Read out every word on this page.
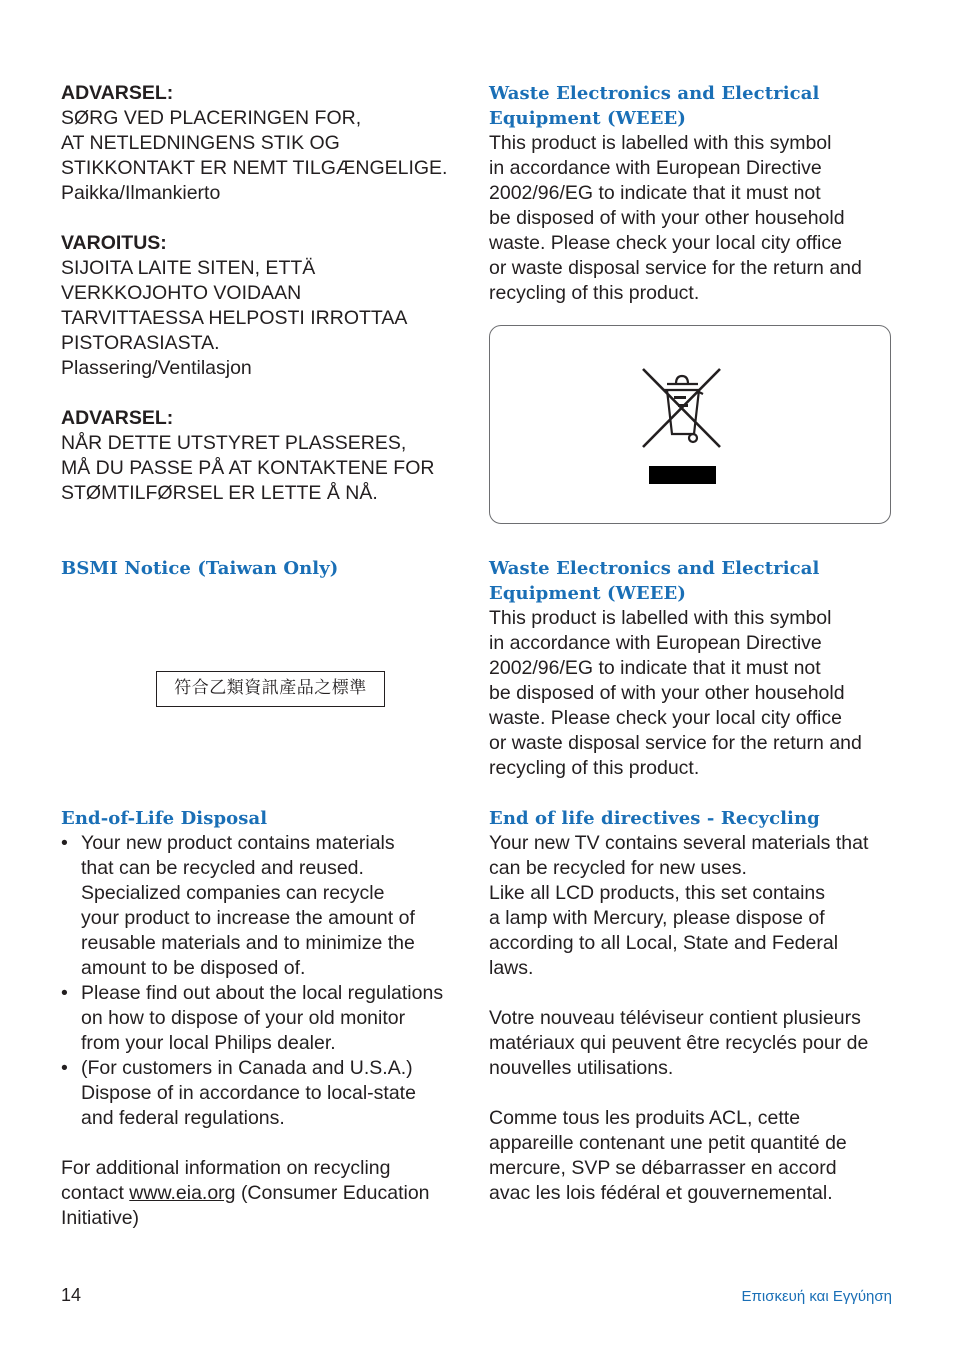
ADVARSEL:
SØRG VED PLACERINGEN FOR,
AT NETLEDNINGENS STIK OG
STIKKONTAKT ER NEMT TILGÆNGELIGE.
Paikka/Ilmankierto
VAROITUS:
SIJOITA LAITE SITEN, ETTÄ
VERKKOJOHTO VOIDAAN
TARVITTAESSA HELPOSTI IRROTTAA
PISTORASIASTA.
Plassering/Ventilasjon
ADVARSEL:
NÅR DETTE UTSTYRET PLASSERES,
MÅ DU PASSE PÅ AT KONTAKTENE FOR
STØMTILFØRSEL ER LETTE Å NÅ.
BSMI Notice (Taiwan Only)
符合乙類資訊產品之標準
End-of-Life Disposal
• Your new product contains materials
that can be recycled and reused.
Specialized companies can recycle
your product to increase the amount of
reusable materials and to minimize the
amount to be disposed of.
• Please find out about the local regulations
on how to dispose of your old monitor
from your local Philips dealer.
• (For customers in Canada and U.S.A.)
Dispose of in accordance to local-state
and federal regulations.
For additional information on recycling
contact www.eia.org (Consumer Education
Initiative)
Waste Electronics and Electrical
Equipment (WEEE)
This product is labelled with this symbol
in accordance with European Directive
2002/96/EG to indicate that it must not
be disposed of with your other household
waste. Please check your local city office
or waste disposal service for the return and
recycling of this product.
Waste Electronics and Electrical
Equipment (WEEE)
This product is labelled with this symbol
in accordance with European Directive
2002/96/EG to indicate that it must not
be disposed of with your other household
waste. Please check your local city office
or waste disposal service for the return and
recycling of this product.
End of life directives - Recycling
Your new TV contains several materials that
can be recycled for new uses.
Like all LCD products, this set contains
a lamp with Mercury, please dispose of
according to all Local, State and Federal
laws.
Votre nouveau téléviseur contient plusieurs
matériaux qui peuvent être recyclés pour de
nouvelles utilisations.
Comme tous les produits ACL, cette
appareille contenant une petit quantité de
mercure, SVP se débarrasser en accord
avac les lois fédéral et gouvernemental.
14	Επισκευή και Εγγύηση
